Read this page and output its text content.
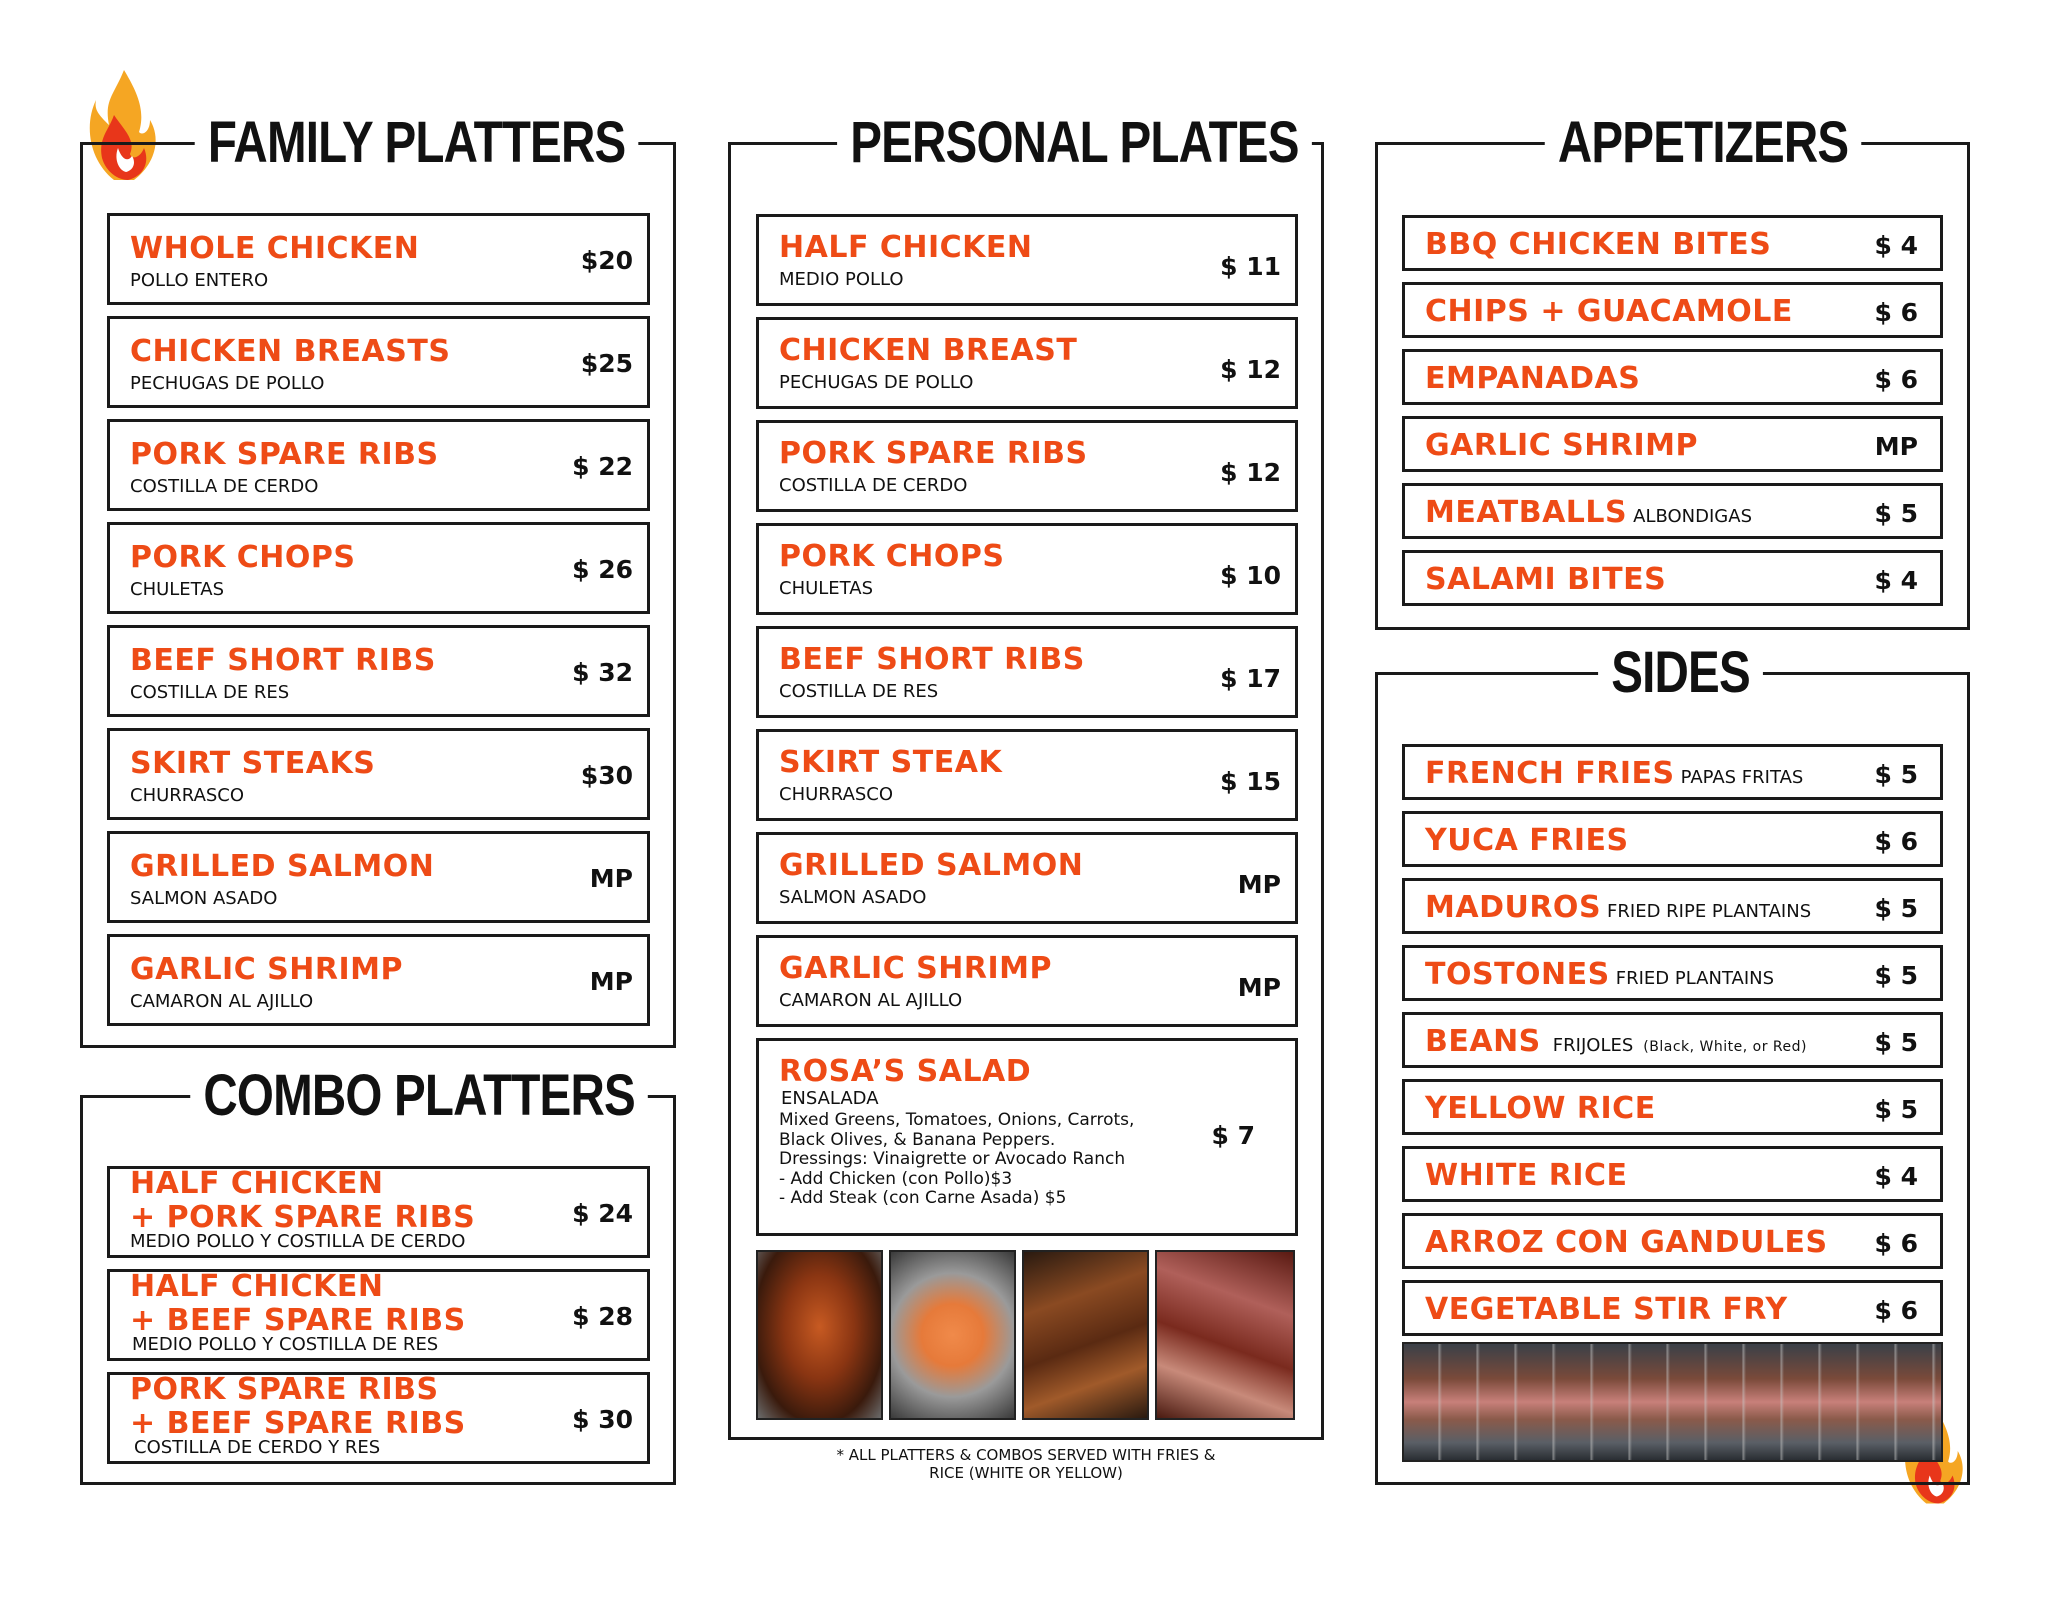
FAMILY PLATTERS
WHOLE CHICKEN
POLLO ENTERO
$20
CHICKEN BREASTS
PECHUGAS DE POLLO
$25
PORK SPARE RIBS
COSTILLA DE CERDO
$ 22
PORK CHOPS
CHULETAS
$ 26
BEEF SHORT RIBS
COSTILLA DE RES
$ 32
SKIRT STEAKS
CHURRASCO
$30
GRILLED SALMON
SALMON ASADO
MP
GARLIC SHRIMP
CAMARON AL AJILLO
MP
COMBO PLATTERS
HALF CHICKEN
+ PORK SPARE RIBS
MEDIO POLLO Y COSTILLA DE CERDO
$ 24
HALF CHICKEN
+ BEEF SPARE RIBS
MEDIO POLLO Y COSTILLA DE RES
$ 28
PORK SPARE RIBS
+ BEEF SPARE RIBS
COSTILLA DE CERDO Y RES
$ 30
PERSONAL PLATES
HALF CHICKEN
MEDIO POLLO	$ 11
CHICKEN BREAST
PECHUGAS DE POLLO	$ 12
PORK SPARE RIBS
COSTILLA DE CERDO	$ 12
PORK CHOPS
CHULETAS	$ 10
BEEF SHORT RIBS
COSTILLA DE RES	$ 17
SKIRT STEAK
CHURRASCO	$ 15
GRILLED SALMON
SALMON ASADO	MP
GARLIC SHRIMP
CAMARON AL AJILLO	MP
ROSA’S SALAD
ENSALADA
Mixed Greens, Tomatoes, Onions, Carrots,
Black Olives, & Banana Peppers.
Dressings: Vinaigrette or Avocado Ranch
- Add Chicken (con Pollo)$3
- Add Steak (con Carne Asada) $5
$ 7
* ALL PLATTERS & COMBOS SERVED WITH FRIES &
RICE (WHITE OR YELLOW)
APPETIZERS
BBQ CHICKEN BITES	$ 4
CHIPS + GUACAMOLE	$ 6
EMPANADAS	$ 6
GARLIC SHRIMP	MP
MEATBALLS ALBONDIGAS	$ 5
SALAMI BITES	$ 4
SIDES
FRENCH FRIES PAPAS FRITAS	$ 5
YUCA FRIES	$ 6
MADUROS FRIED RIPE PLANTAINS	$ 5
TOSTONES FRIED PLANTAINS	$ 5
BEANS FRIJOLES (Black, White, or Red)	$ 5
YELLOW RICE	$ 5
WHITE RICE	$ 4
ARROZ CON GANDULES $ 6
VEGETABLE STIR FRY	$ 6
